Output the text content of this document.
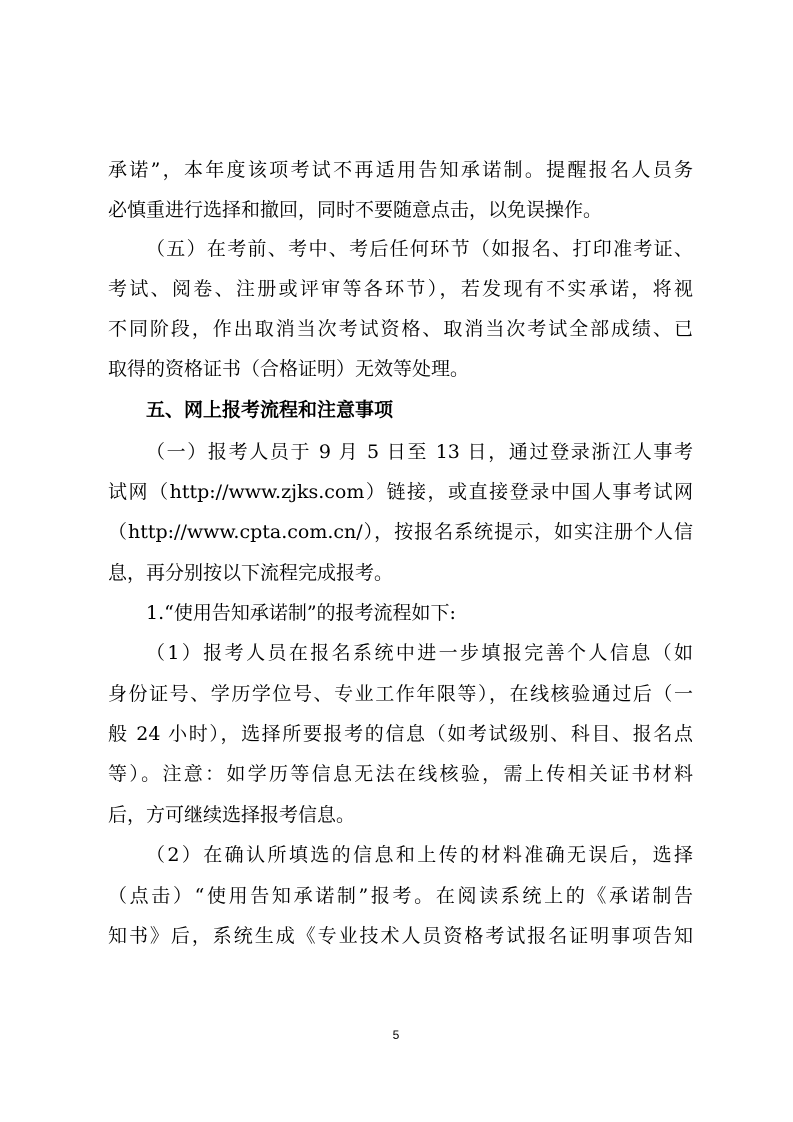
承诺”，本年度该项考试不再适用告知承诺制。提醒报名人员务
必慎重进行选择和撤回，同时不要随意点击，以免误操作。
（五）在考前、考中、考后任何环节（如报名、打印准考证、
考试、阅卷、注册或评审等各环节），若发现有不实承诺，将视
不同阶段，作出取消当次考试资格、取消当次考试全部成绩、已
取得的资格证书（合格证明）无效等处理。
五、网上报考流程和注意事项
（一）报考人员于 9 月 5 日至 13 日，通过登录浙江人事考
试网（http://www.zjks.com）链接，或直接登录中国人事考试网
（http://www.cpta.com.cn/），按报名系统提示，如实注册个人信
息，再分别按以下流程完成报考。
1.“使用告知承诺制”的报考流程如下:
（1）报考人员在报名系统中进一步填报完善个人信息（如
身份证号、学历学位号、专业工作年限等），在线核验通过后（一
般 24 小时），选择所要报考的信息（如考试级别、科目、报名点
等）。注意：如学历等信息无法在线核验，需上传相关证书材料
后，方可继续选择报考信息。
（2）在确认所填选的信息和上传的材料准确无误后，选择
（点击）“使用告知承诺制”报考。在阅读系统上的《承诺制告
知书》后，系统生成《专业技术人员资格考试报名证明事项告知
5
